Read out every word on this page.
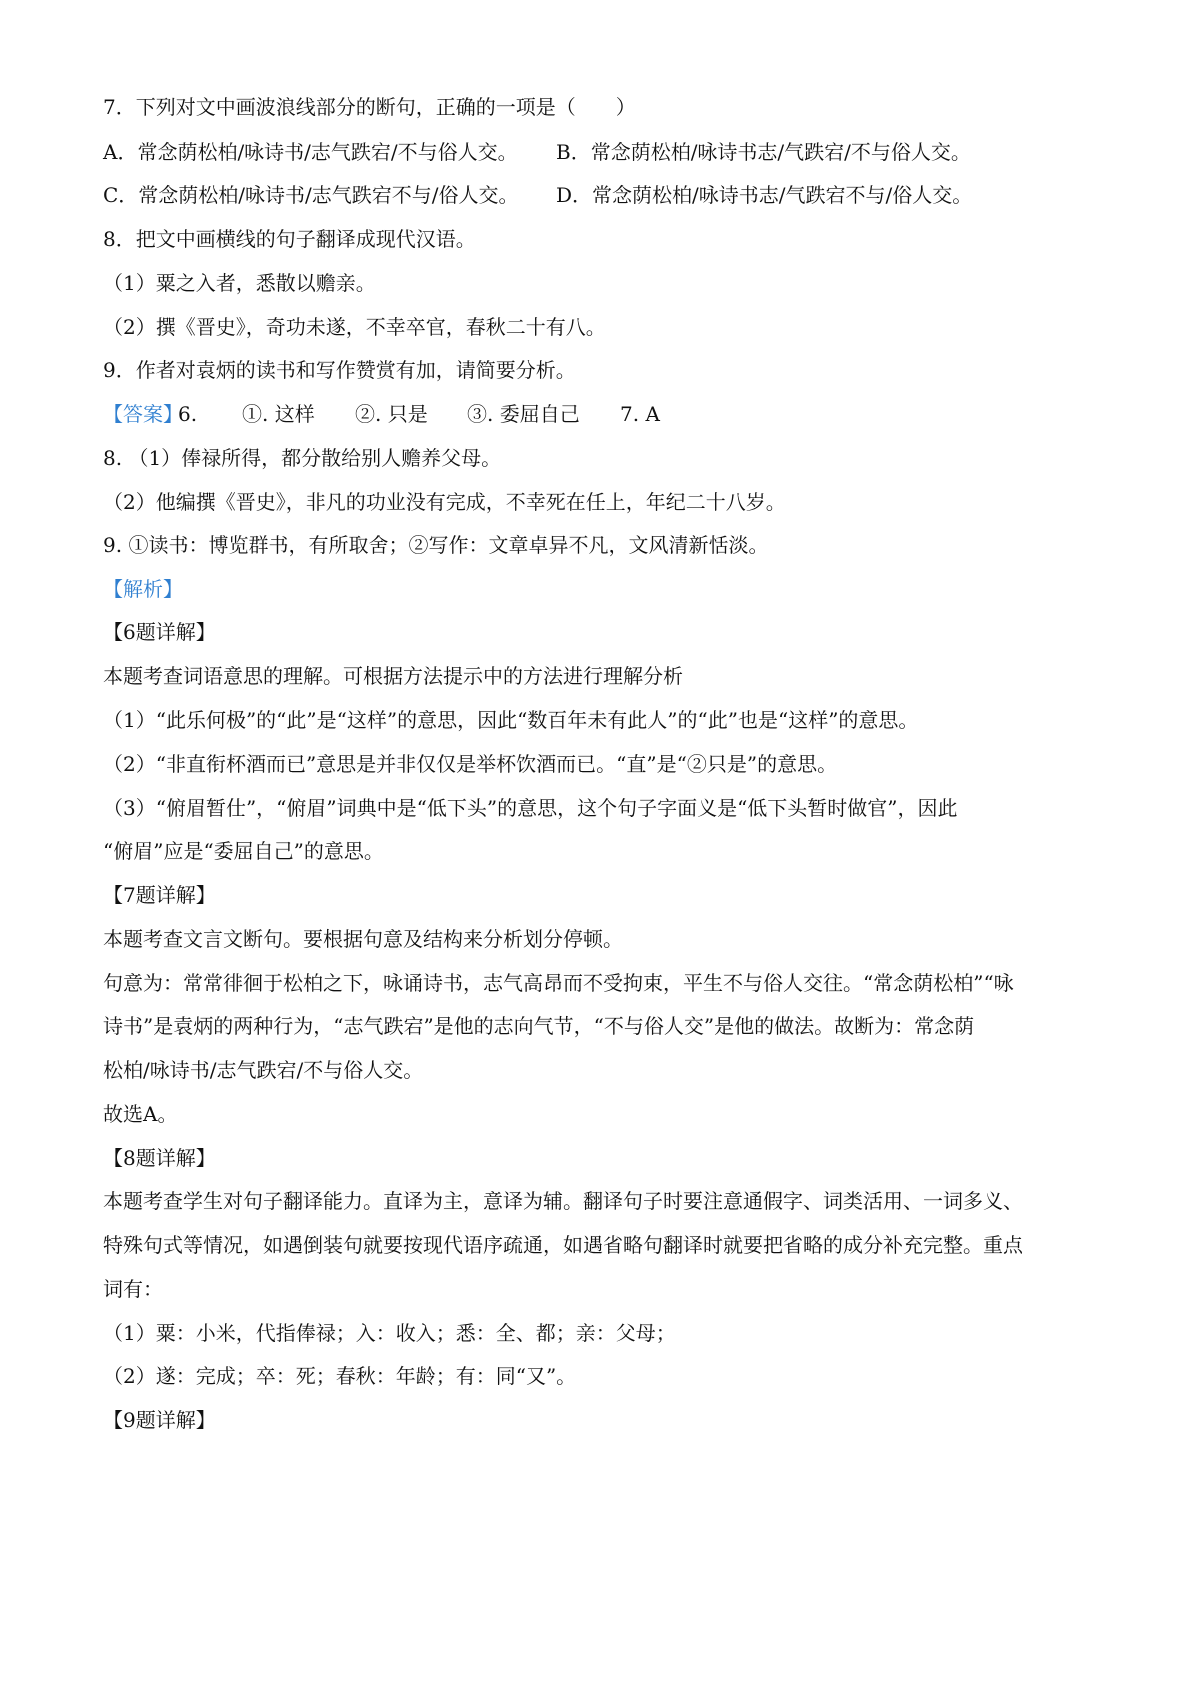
7．下列对文中画波浪线部分的断句，正确的一项是（　　）
A．常念荫松柏/咏诗书/志气跌宕/不与俗人交。 B．常念荫松柏/咏诗书志/气跌宕/不与俗人交。
C．常念荫松柏/咏诗书/志气跌宕不与/俗人交。 D．常念荫松柏/咏诗书志/气跌宕不与/俗人交。
8．把文中画横线的句子翻译成现代汉语。
（1）粟之入者，悉散以赡亲。
（2）撰《晋史》，奇功未遂，不幸卒官，春秋二十有八。
9．作者对袁炳的读书和写作赞赏有加，请简要分析。
【答案】
6. ①. 这样 ②. 只是 ③. 委屈自己 7. A
8. （1）俸禄所得，都分散给别人赡养父母。
（2）他编撰《晋史》，非凡的功业没有完成，不幸死在任上，年纪二十八岁。
9. ①读书：博览群书，有所取舍；②写作：文章卓异不凡，文风清新恬淡。
【解析】
【6题详解】
本题考查词语意思的理解。可根据方法提示中的方法进行理解分析
（1）“此乐何极”的“此”是“这样”的意思，因此“数百年未有此人”的“此”也是“这样”的意思。
（2）“非直衔杯酒而已”意思是并非仅仅是举杯饮酒而已。“直”是“②只是”的意思。
（3）“俯眉暂仕”，“俯眉”词典中是“低下头”的意思，这个句子字面义是“低下头暂时做官”，因此
“俯眉”应是“委屈自己”的意思。
【7题详解】
本题考查文言文断句。要根据句意及结构来分析划分停顿。
句意为：常常徘徊于松柏之下，咏诵诗书，志气高昂而不受拘束，平生不与俗人交往。“常念荫松柏”“咏
诗书”是袁炳的两种行为，“志气跌宕”是他的志向气节，“不与俗人交”是他的做法。故断为：常念荫
松柏/咏诗书/志气跌宕/不与俗人交。
故选A。
【8题详解】
本题考查学生对句子翻译能力。直译为主，意译为辅。翻译句子时要注意通假字、词类活用、一词多义、
特殊句式等情况，如遇倒装句就要按现代语序疏通，如遇省略句翻译时就要把省略的成分补充完整。重点
词有：
（1）粟：小米，代指俸禄；入：收入；悉：全、都；亲：父母；
（2）遂：完成；卒：死；春秋：年龄；有：同“又”。
【9题详解】
